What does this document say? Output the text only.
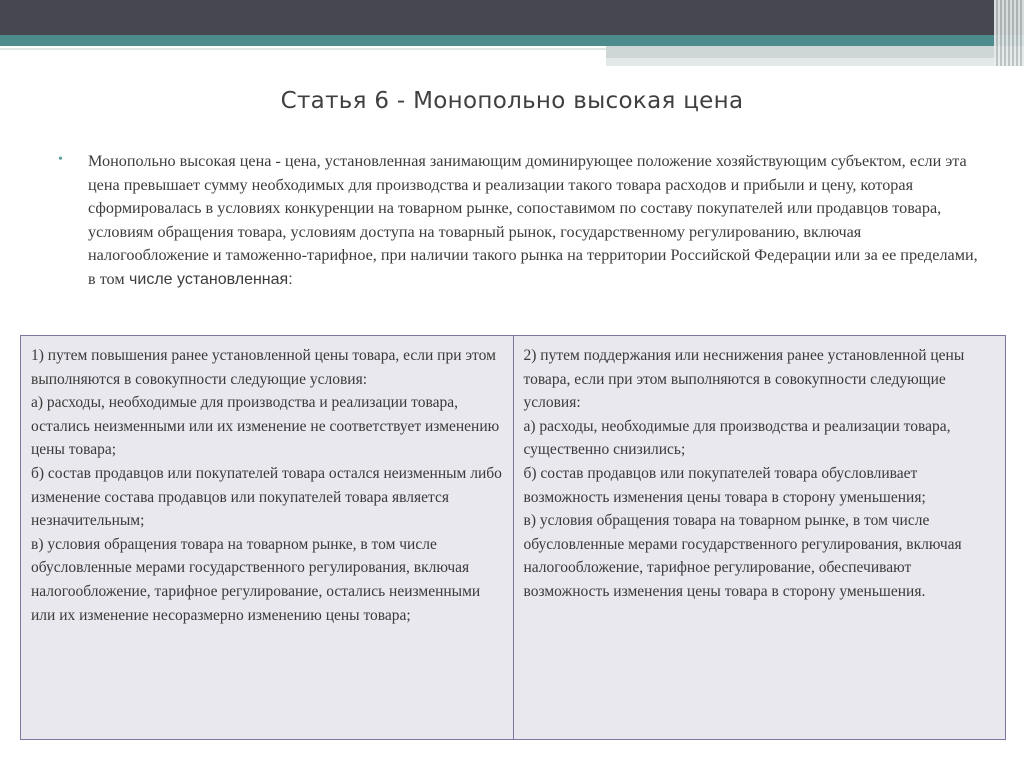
Статья 6 - Монопольно высокая цена
• Монопольно высокая цена - цена, установленная занимающим доминирующее положение хозяйствующим субъектом, если эта цена превышает сумму необходимых для производства и реализации такого товара расходов и прибыли и цену, которая сформировалась в условиях конкуренции на товарном рынке, сопоставимом по составу покупателей или продавцов товара, условиям обращения товара, условиям доступа на товарный рынок, государственному регулированию, включая налогообложение и таможенно-тарифное, при наличии такого рынка на территории Российской Федерации или за ее пределами, в том числе установленная:

1) путем повышения ранее установленной цены товара, если при этом выполняются в совокупности следующие условия:

а) расходы, необходимые для производства и реализации товара, остались неизменными или их изменение не соответствует изменению цены товара;

б) состав продавцов или покупателей товара остался неизменным либо изменение состава продавцов или покупателей товара является незначительным;

в) условия обращения товара на товарном рынке, в том числе обусловленные мерами государственного регулирования, включая налогообложение, тарифное регулирование, остались неизменными или их изменение несоразмерно изменению цены товара;

2) путем поддержания или неснижения ранее установленной цены товара, если при этом выполняются в совокупности следующие условия:

а) расходы, необходимые для производства и реализации товара, существенно снизились;

б) состав продавцов или покупателей товара обусловливает возможность изменения цены товара в сторону уменьшения;

в) условия обращения товара на товарном рынке, в том числе обусловленные мерами государственного регулирования, включая налогообложение, тарифное регулирование, обеспечивают возможность изменения цены товара в сторону уменьшения.
